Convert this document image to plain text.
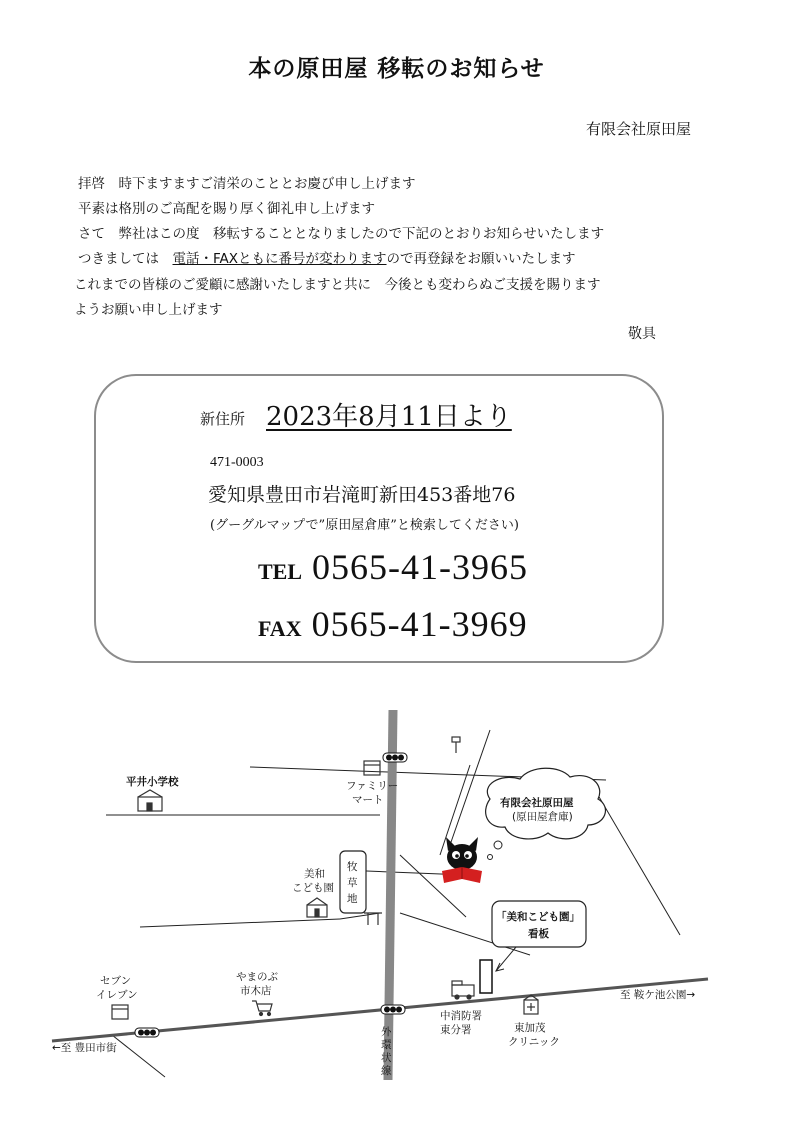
本の原田屋 移転のお知らせ
有限会社原田屋
拝啓　時下ますますご清栄のこととお慶び申し上げます
平素は格別のご高配を賜り厚く御礼申し上げます
さて　弊社はこの度　移転することとなりましたので下記のとおりお知らせいたします
つきましては　電話・FAXともに番号が変わりますので再登録をお願いいたします
これまでの皆様のご愛顧に感謝いたしますと共に　今後とも変わらぬご支援を賜ります
ようお願い申し上げます
敬具
新住所 2023年8月11日より
471-0003
愛知県豊田市岩滝町新田453番地76
(グーグルマップで”原田屋倉庫”と検索してください)
TEL 0565-41-3965
FAX 0565-41-3969
平井小学校	ファミリー
マート
牧
草
地
美和
こども園
セブン
イレブン
やまのぶ
市木店
中消防署
東分署
「美和こども園」
看板
東加茂
クリニック
←至 豊田市街
至 鞍ケ池公園→
外
環
状
線
有限会社原田屋
(原田屋倉庫)
